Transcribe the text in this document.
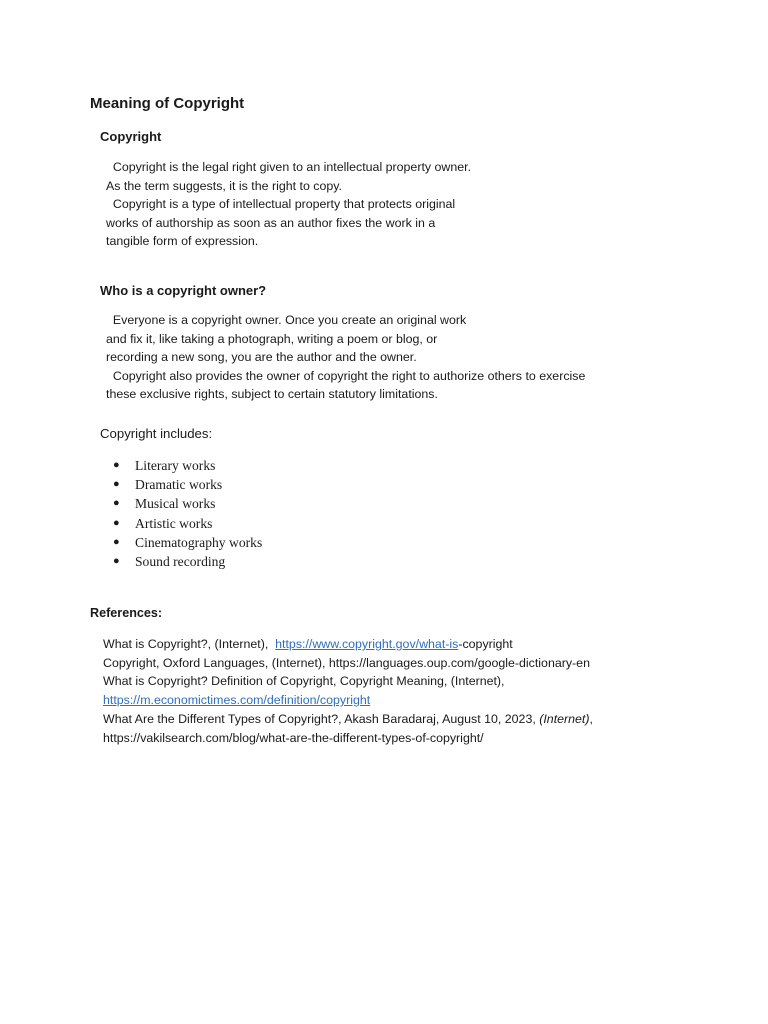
Meaning of Copyright
Copyright
Copyright is the legal right given to an intellectual property owner.
As the term suggests, it is the right to copy.
Copyright is a type of intellectual property that protects original
works of authorship as soon as an author fixes the work in a
tangible form of expression.
Who is a copyright owner?
Everyone is a copyright owner. Once you create an original work
and fix it, like taking a photograph, writing a poem or blog, or
recording a new song, you are the author and the owner.
Copyright also provides the owner of copyright the right to authorize others to exercise
these exclusive rights, subject to certain statutory limitations.
Copyright includes:
● Literary works
● Dramatic works
● Musical works
● Artistic works
● Cinematography works
● Sound recording
References:
What is Copyright?, (Internet),  https://www.copyright.gov/what-is-copyright
Copyright, Oxford Languages, (Internet), https://languages.oup.com/google-dictionary-en
What is Copyright? Definition of Copyright, Copyright Meaning, (Internet),
https://m.economictimes.com/definition/copyright
What Are the Different Types of Copyright?, Akash Baradaraj, August 10, 2023, (Internet),
https://vakilsearch.com/blog/what-are-the-different-types-of-copyright/
